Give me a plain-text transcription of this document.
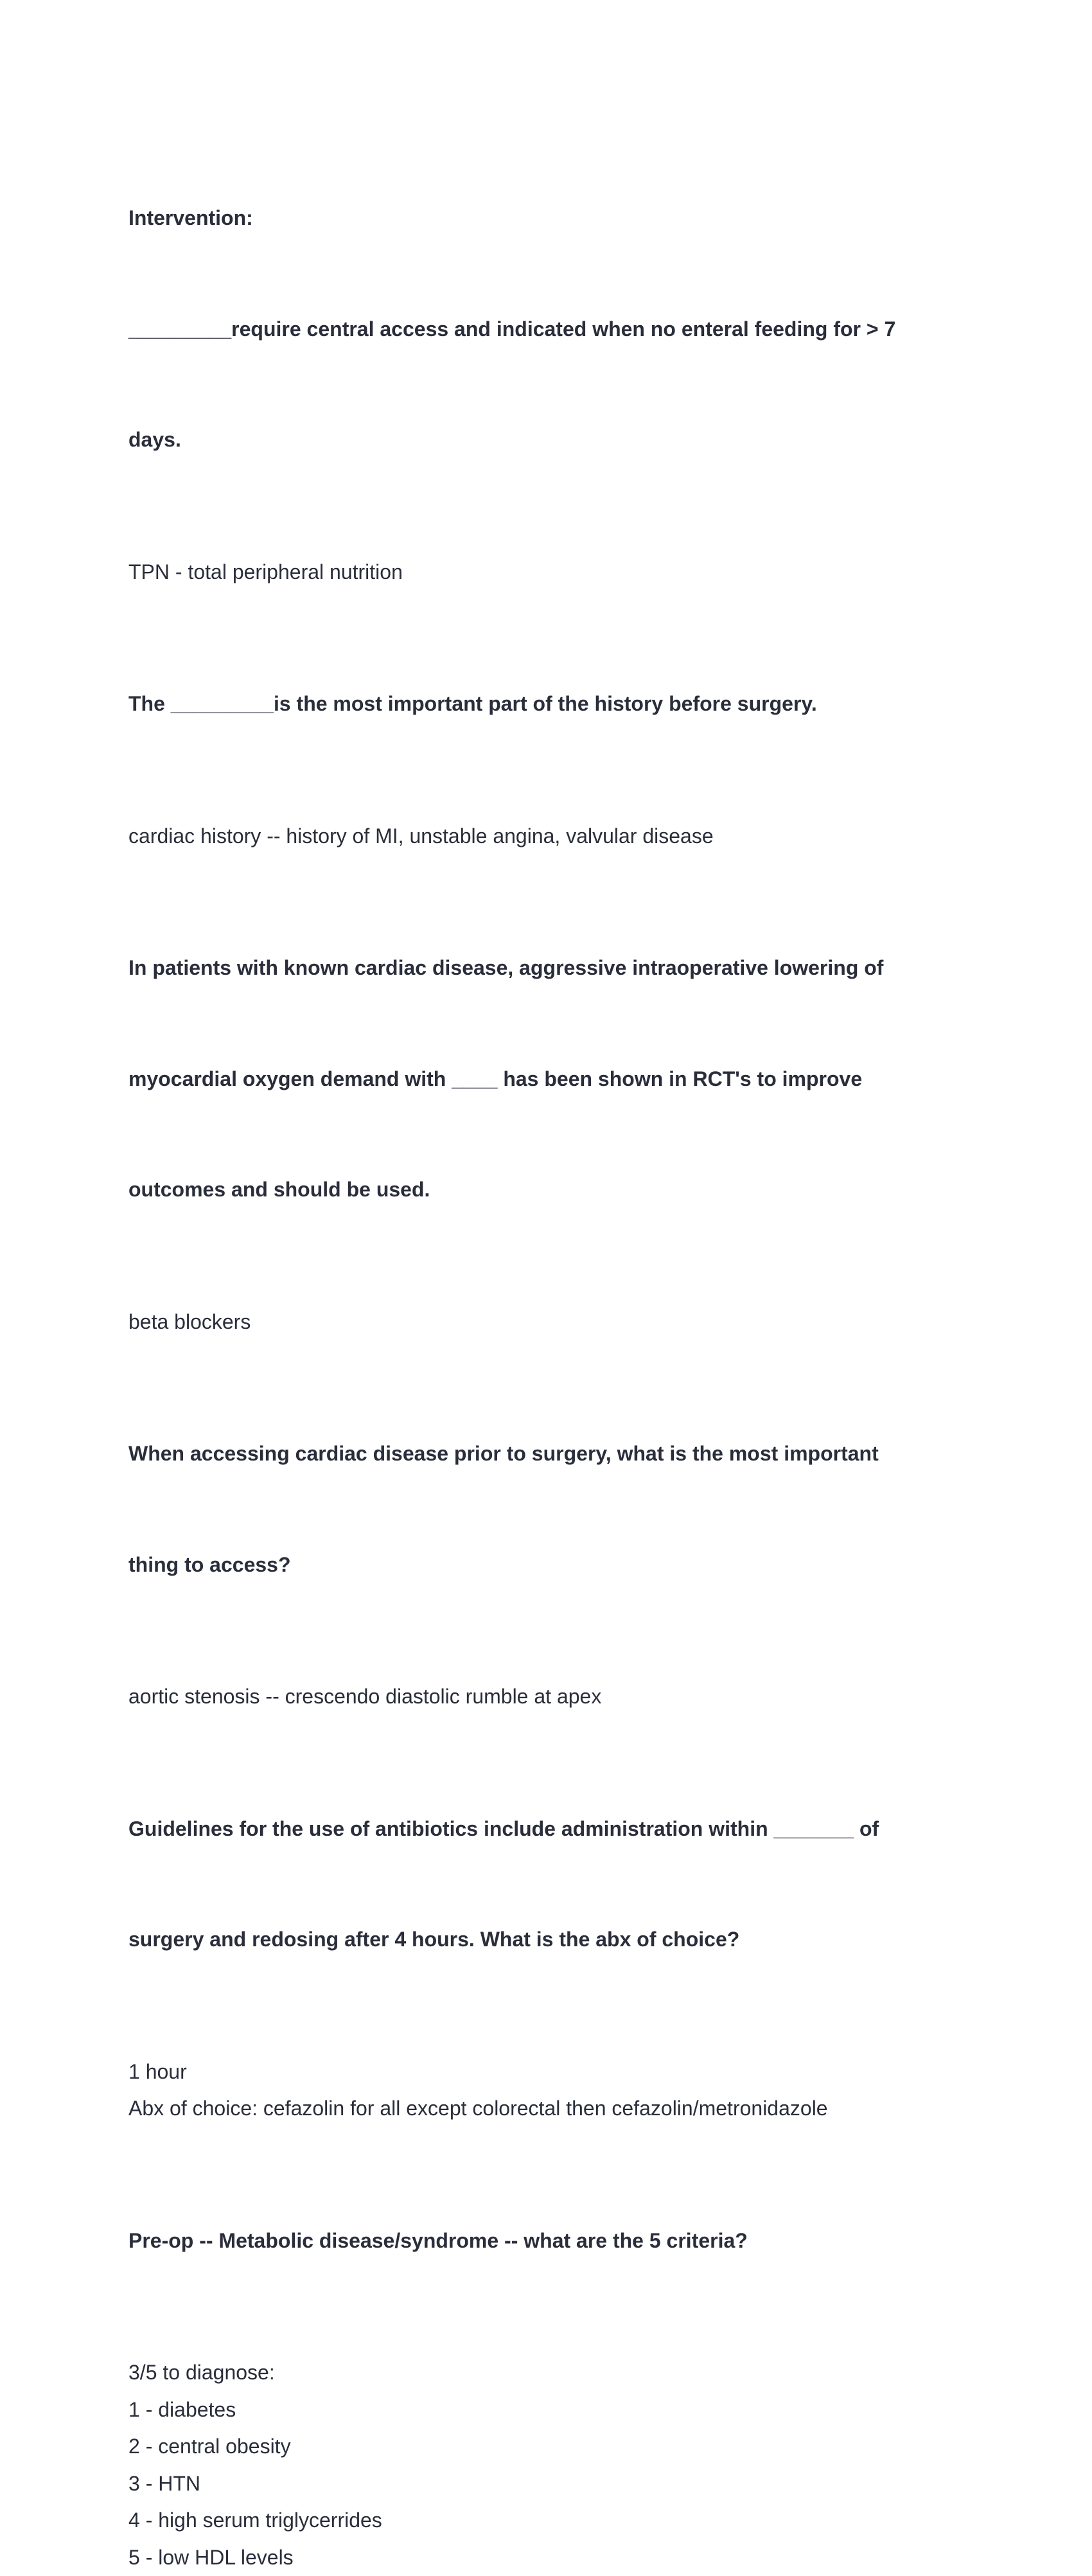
Intervention:

_________require central access and indicated when no enteral feeding for > 7

days.

TPN - total peripheral nutrition

The _________is the most important part of the history before surgery.

cardiac history -- history of MI, unstable angina, valvular disease

In patients with known cardiac disease, aggressive intraoperative lowering of

myocardial oxygen demand with ____ has been shown in RCT's to improve

outcomes and should be used.

beta blockers

When accessing cardiac disease prior to surgery, what is the most important

thing to access?

aortic stenosis -- crescendo diastolic rumble at apex

Guidelines for the use of antibiotics include administration within _______ of

surgery and redosing after 4 hours. What is the abx of choice?

1 hour
Abx of choice: cefazolin for all except colorectal then cefazolin/metronidazole

Pre-op -- Metabolic disease/syndrome -- what are the 5 criteria?

3/5 to diagnose:
1 - diabetes
2 - central obesity
3 - HTN
4 - high serum triglycerrides
5 - low HDL levels
